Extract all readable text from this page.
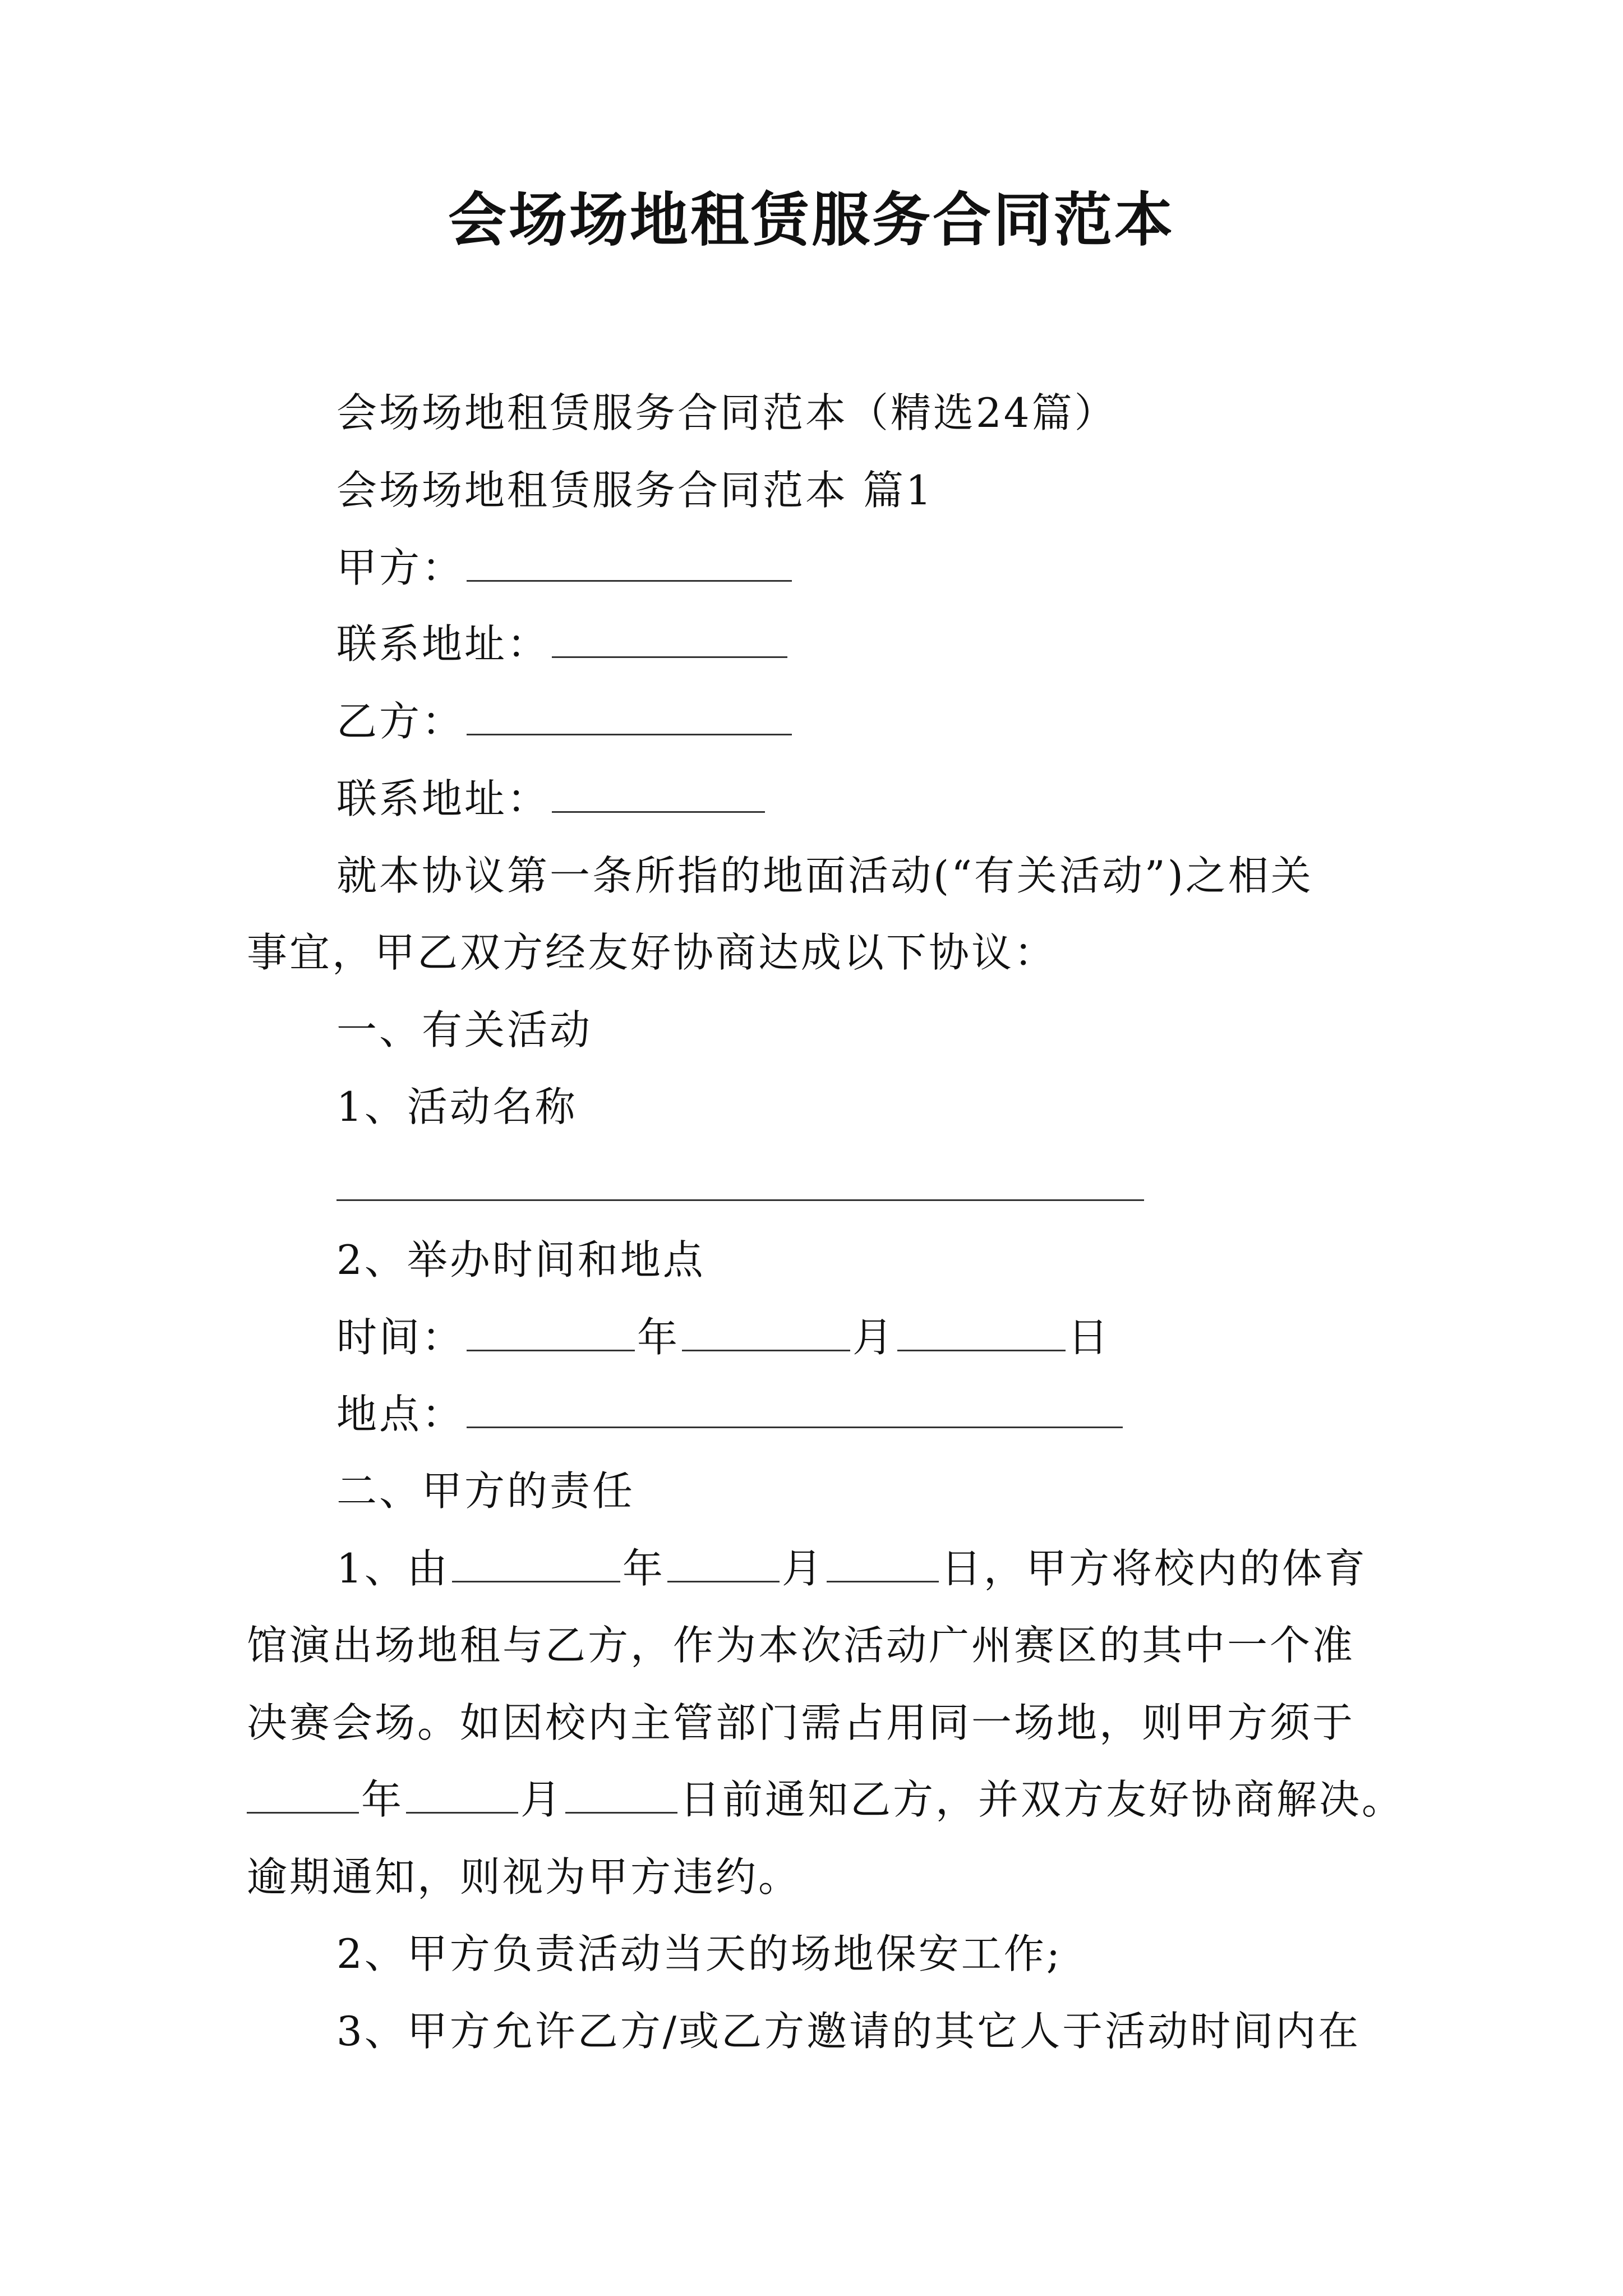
会场场地租赁服务合同范本
会场场地租赁服务合同范本（精选24篇）
会场场地租赁服务合同范本 篇1
甲方：
联系地址：
乙方：
联系地址：
就本协议第一条所指的地面活动(“有关活动”)之相关
事宜，甲乙双方经友好协商达成以下协议：
一、有关活动
1、活动名称
2、举办时间和地点
时间：	年	月	日
地点：
二、甲方的责任
1、由	年	月	日，甲方将校内的体育
馆演出场地租与乙方，作为本次活动广州赛区的其中一个准
决赛会场。如因校内主管部门需占用同一场地，则甲方须于
年	月	日前通知乙方，并双方友好协商解决。
逾期通知，则视为甲方违约。
2、甲方负责活动当天的场地保安工作;
3、甲方允许乙方/或乙方邀请的其它人于活动时间内在
